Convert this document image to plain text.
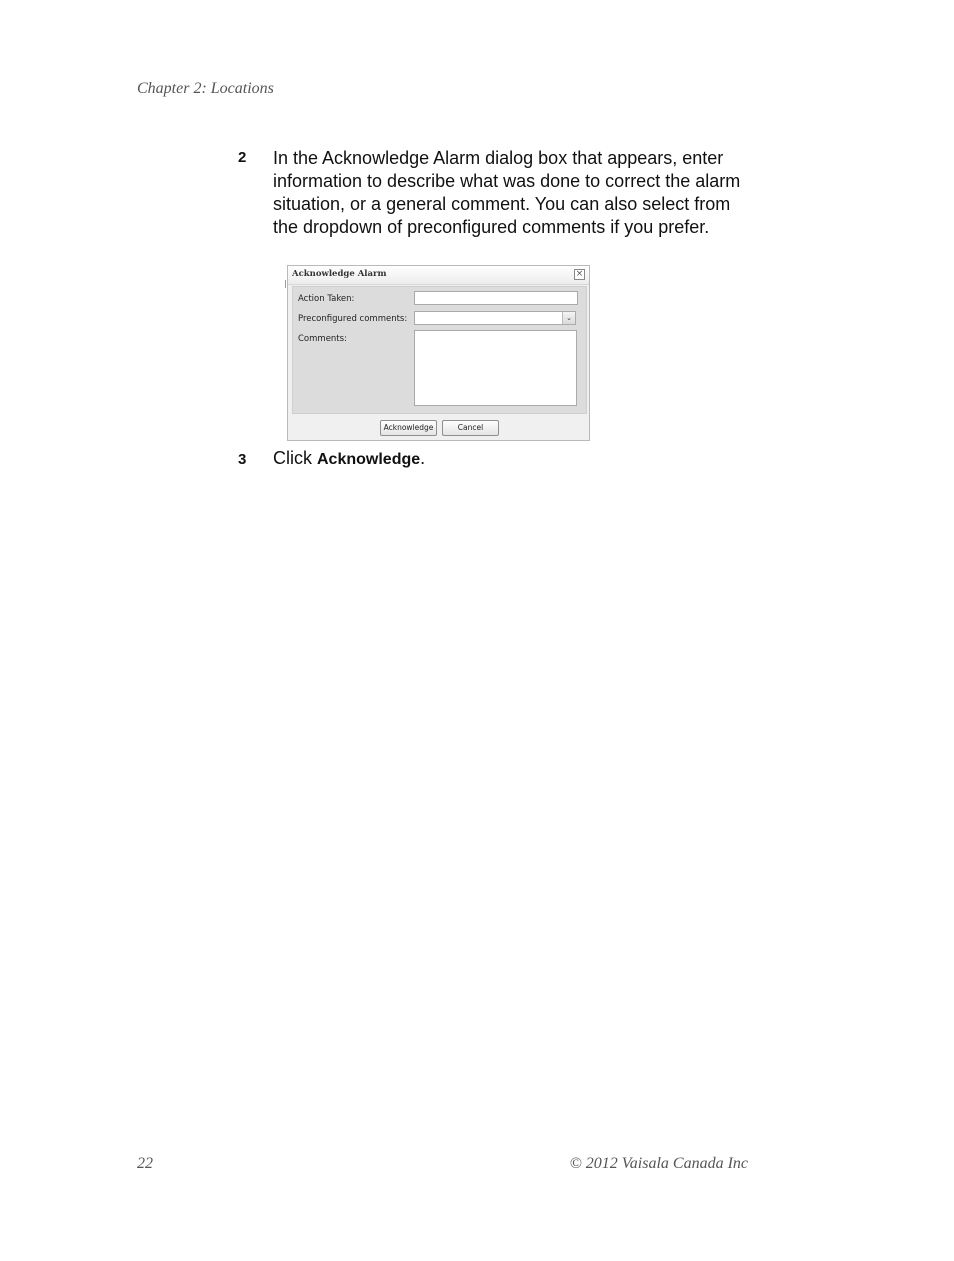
Chapter 2: Locations
2 In the Acknowledge Alarm dialog box that appears, enter information to describe what was done to correct the alarm situation, or a general comment. You can also select from the dropdown of preconfigured comments if you prefer.
Acknowledge Alarm	×
Action Taken:
Preconfigured comments:	⌄
Comments:
Acknowledge	Cancel
3 Click Acknowledge.
22	© 2012 Vaisala Canada Inc
